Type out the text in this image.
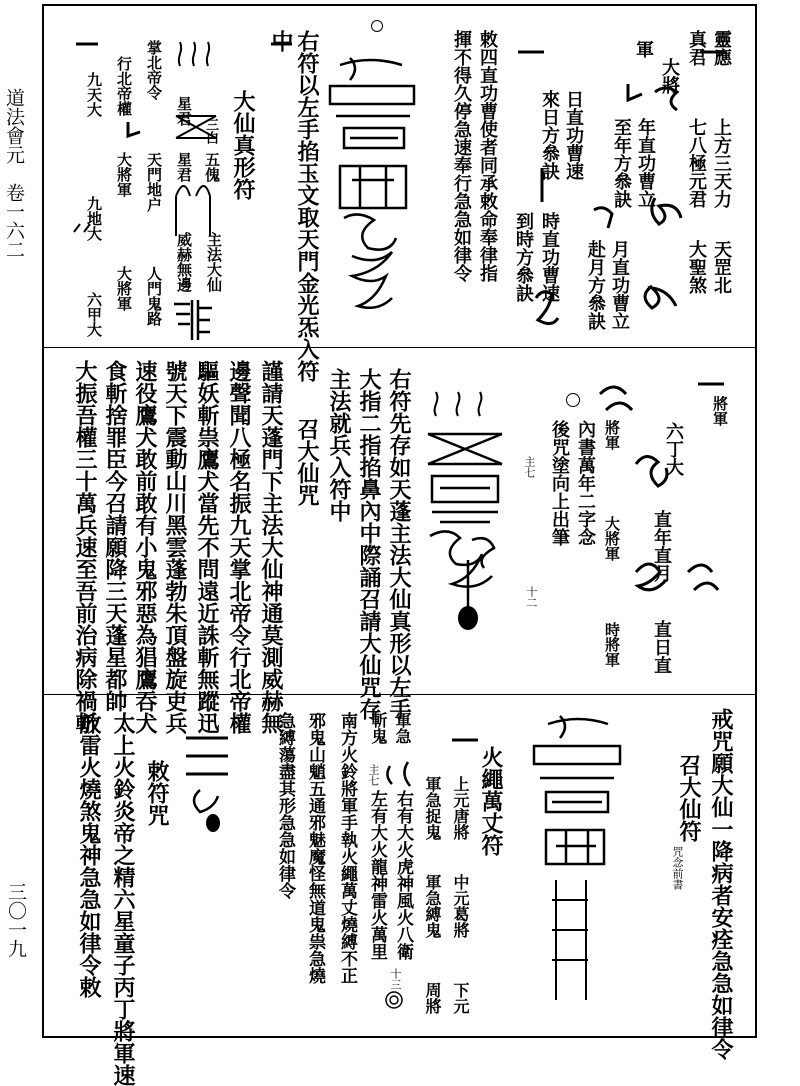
道法會元　卷一六二
三〇一九
靈應
上方三天力
天罡北
真君
七八極元君
大聖煞
大將
年直功曹立
月直功曹立
軍
至年方叅訣
赴月方叅訣
日直功曹速
時直功曹速
來日方叅訣
到時方叅訣
敕四直功曹使者同承敕命奉律指
揮不得久停急速奉行急急如律令
右符以左手掐玉文取天門金光炁入符
中
大仙真形符
三白
五傀
主法大仙
星君
星君
威赫無邊
掌北帝令
天門地户
人門鬼路
行北帝權
大將軍
大將軍
九天大
九地大
六甲大
將軍
六丁大
直年直月
直日直
將軍
大將軍
時將軍
內書萬年二字念
後咒塗向上出筆
主七
十二
右符先存如天蓬主法大仙真形以左手
大指二指掐鼻內中際誦召請大仙咒存
主法就兵入符中
召大仙咒
謹請天蓬門下主法大仙神通莫測威赫無
邊聲聞八極名振九天掌北帝令行北帝權
驅妖斬祟鷹犬當先不問遠近誅斬無蹤迅
號天下震動山川黑雲蓬勃朱頂盤旋吏兵
速役鷹犬敢前敢有小鬼邪惡為猖鷹吞犬
食斬捨罪臣今召請願降三天蓬星都帥
大振吾權三十萬兵速至吾前治病除禍斬
戒咒願大仙一降病者安痊急急如律令
召大仙符
咒念前書
火繩萬丈符
上元唐將
中元葛將
下元
軍急捉鬼
軍急縛鬼
周將
軍急
斬鬼
右有大火虎神風火八衛
左有大火龍神雷火萬里
主七
十三
南方火鈴將軍手執火繩萬丈燒縛不正
邪鬼山魈五通邪魅魔怪無道鬼祟急燒
急縛蕩盡其形急急如律令
敕符咒
太上火鈴炎帝之精六星童子丙丁將軍速
放雷火燒煞鬼神急急如律令敕
